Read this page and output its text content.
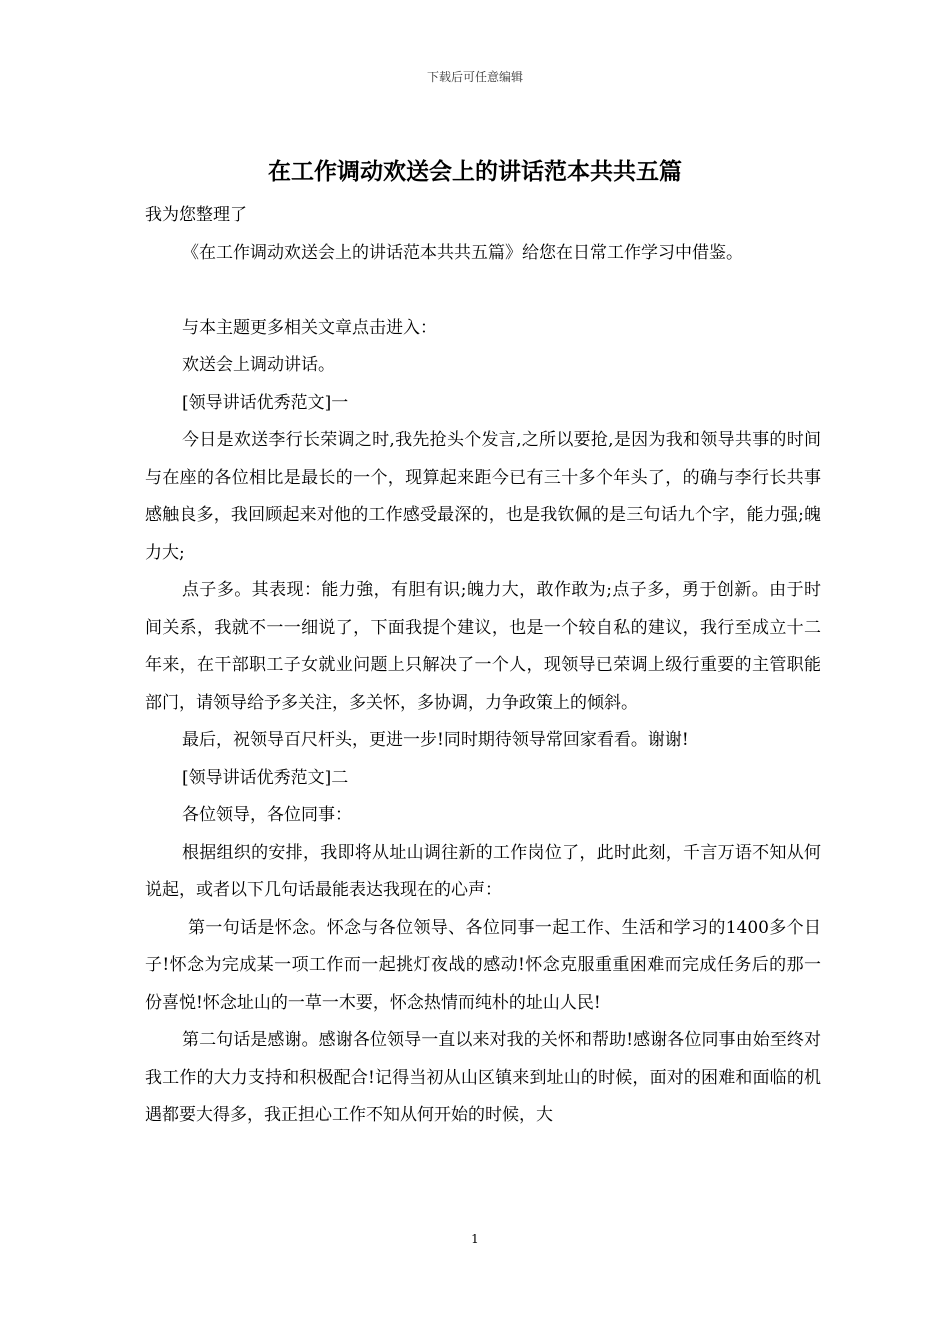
下载后可任意编辑
在工作调动欢送会上的讲话范本共共五篇

我为您整理了

《在工作调动欢送会上的讲话范本共共五篇》给您在日常工作学习中借鉴。

与本主题更多相关文章点击进入：

欢送会上调动讲话。

[领导讲话优秀范文]一

今日是欢送李行长荣调之时,我先抢头个发言,之所以要抢,是因为我和领导共事的时间与在座的各位相比是最长的一个，现算起来距今已有三十多个年头了，的确与李行长共事感触良多，我回顾起来对他的工作感受最深的，也是我钦佩的是三句话九个字，能力强;魄力大;

点子多。其表现：能力強，有胆有识;魄力大，敢作敢为;点子多，勇于创新。由于时间关系，我就不一一细说了，下面我提个建议，也是一个较自私的建议，我行至成立十二年来，在干部职工子女就业问题上只解决了一个人，现领导已荣调上级行重要的主管职能部门，请领导给予多关注，多关怀，多协调，力争政策上的倾斜。

最后，祝领导百尺杆头，更进一步!同时期待领导常回家看看。谢谢!

[领导讲话优秀范文]二

各位领导，各位同事：

根据组织的安排，我即将从址山调往新的工作岗位了，此时此刻，千言万语不知从何说起，或者以下几句话最能表达我现在的心声：

第一句话是怀念。怀念与各位领导、各位同事一起工作、生活和学习的1400多个日子!怀念为完成某一项工作而一起挑灯夜战的感动!怀念克服重重困难而完成任务后的那一份喜悦!怀念址山的一草一木要，怀念热情而纯朴的址山人民!

第二句话是感谢。感谢各位领导一直以来对我的关怀和帮助!感谢各位同事由始至终对我工作的大力支持和积极配合!记得当初从山区镇来到址山的时候，面对的困难和面临的机遇都要大得多，我正担心工作不知从何开始的时候，大

1
